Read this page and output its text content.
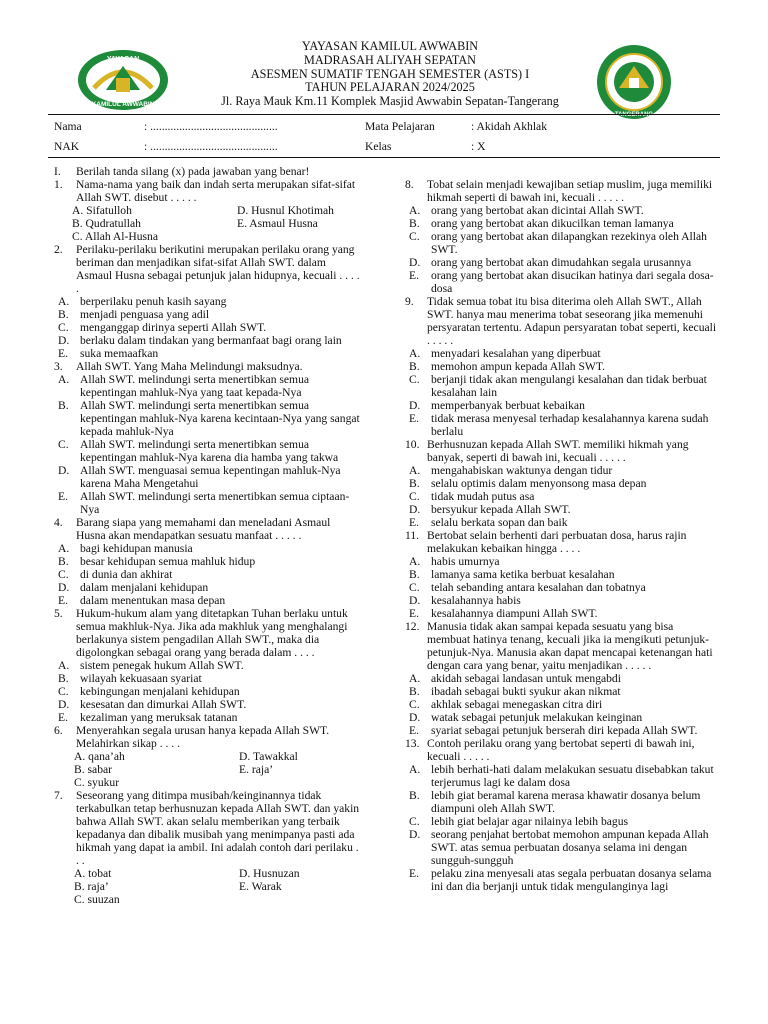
YAYASAN
KAMILUL AWWABIN
YAYASAN KAMILUL AWWABIN
MADRASAH ALIYAH SEPATAN
ASESMEN SUMATIF TENGAH SEMESTER (ASTS) I
TAHUN PELAJARAN 2024/2025
Jl. Raya Mauk Km.11 Komplek Masjid Awwabin Sepatan-Tangerang
TANGERANG
Nama	: ............................................	Mata Pelajaran	: Akidah Akhlak
NAK	: ............................................	Kelas	: X
I.	Berilah tanda silang (x) pada jawaban yang benar!
1.	Nama-nama yang baik dan indah serta merupakan sifat-sifat Allah SWT. disebut . . . . .
A. Sifatulloh	D. Husnul Khotimah
B. Qudratullah	E. Asmaul Husna
C. Allah Al-Husna
2.	Perilaku-perilaku berikutini merupakan perilaku orang yang beriman dan menjadikan sifat-sifat Allah SWT. dalam Asmaul Husna sebagai petunjuk jalan hidupnya, kecuali . . . . .
A. berperilaku penuh kasih sayang
B. menjadi penguasa yang adil
C. menganggap dirinya seperti Allah SWT.
D. berlaku dalam tindakan yang bermanfaat bagi orang lain
E.	suka memaafkan
3.	Allah SWT. Yang Maha Melindungi maksudnya.
A. Allah SWT. melindungi serta menertibkan semua kepentingan mahluk-Nya yang taat kepada-Nya
B. Allah SWT. melindungi serta menertibkan semua kepentingan mahluk-Nya karena kecintaan-Nya yang sangat kepada mahluk-Nya
C. Allah SWT. melindungi serta menertibkan semua kepentingan mahluk-Nya karena dia hamba yang takwa
D. Allah SWT. menguasai semua kepentingan mahluk-Nya karena Maha Mengetahui
E.	Allah SWT. melindungi serta menertibkan semua ciptaan-Nya
4.	Barang siapa yang memahami dan meneladani Asmaul Husna akan mendapatkan sesuatu manfaat . . . . .
A. bagi kehidupan manusia
B. besar kehidupan semua mahluk hidup
C. di dunia dan akhirat
D. dalam menjalani kehidupan
E.	dalam menentukan masa depan
5.	Hukum-hukum alam yang ditetapkan Tuhan berlaku untuk semua makhluk-Nya. Jika ada makhluk yang menghalangi berlakunya sistem pengadilan Allah SWT., maka dia digolongkan sebagai orang yang berada dalam . . . .
A. sistem penegak hukum Allah SWT.
B. wilayah kekuasaan syariat
C. kebingungan menjalani kehidupan
D. kesesatan dan dimurkai Allah SWT.
E.	kezaliman yang meruksak tatanan
6.	Menyerahkan segala urusan hanya kepada Allah SWT. Melahirkan sikap . . . .
A. qana’ah	D. Tawakkal
B. sabar	E. raja’
C. syukur
7.	Seseorang yang ditimpa musibah/keinginannya tidak terkabulkan tetap berhusnuzan kepada Allah SWT. dan yakin bahwa Allah SWT. akan selalu memberikan yang terbaik kepadanya dan dibalik musibah yang menimpanya pasti ada hikmah yang dapat ia ambil. Ini adalah contoh dari perilaku . . .
A. tobat	D. Husnuzan
B. raja’	E. Warak
C. suuzan
8.	Tobat selain menjadi kewajiban setiap muslim, juga memiliki hikmah seperti di bawah ini, kecuali . . . . .
A. orang yang bertobat akan dicintai Allah SWT.
B. orang yang bertobat akan dikucilkan teman lamanya
C. orang yang bertobat akan dilapangkan rezekinya oleh Allah SWT.
D. orang yang bertobat akan dimudahkan segala urusannya
E.	orang yang bertobat akan disucikan hatinya dari segala dosa-dosa
9.	Tidak semua tobat itu bisa diterima oleh Allah SWT., Allah SWT. hanya mau menerima tobat seseorang jika memenuhi persyaratan tertentu. Adapun persyaratan tobat seperti, kecuali . . . . .
A. menyadari kesalahan yang diperbuat
B. memohon ampun kepada Allah SWT.
C. berjanji tidak akan mengulangi kesalahan dan tidak berbuat kesalahan lain
D. memperbanyak berbuat kebaikan
E.	tidak merasa menyesal terhadap kesalahannya karena sudah berlalu
10. Berhusnuzan kepada Allah SWT. memiliki hikmah yang banyak, seperti di bawah ini, kecuali . . . . .
A. mengahabiskan waktunya dengan tidur
B. selalu optimis dalam menyonsong masa depan
C. tidak mudah putus asa
D. bersyukur kepada Allah SWT.
E.	selalu berkata sopan dan baik
11. Bertobat selain berhenti dari perbuatan dosa, harus rajin melakukan kebaikan hingga . . . .
A. habis umurnya
B. lamanya sama ketika berbuat kesalahan
C. telah sebanding antara kesalahan dan tobatnya
D. kesalahannya habis
E.	kesalahannya diampuni Allah SWT.
12. Manusia tidak akan sampai kepada sesuatu yang bisa membuat hatinya tenang, kecuali jika ia mengikuti petunjuk-petunjuk-Nya. Manusia akan dapat mencapai ketenangan hati dengan cara yang benar, yaitu menjadikan . . . . .
A. akidah sebagai landasan untuk mengabdi
B. ibadah sebagai bukti syukur akan nikmat
C. akhlak sebagai menegaskan citra diri
D. watak sebagai petunjuk melakukan keinginan
E.	syariat sebagai petunjuk berserah diri kepada Allah SWT.
13. Contoh perilaku orang yang bertobat seperti di bawah ini, kecuali . . . . .
A. lebih berhati-hati dalam melakukan sesuatu disebabkan takut terjerumus lagi ke dalam dosa
B. lebih giat beramal karena merasa khawatir dosanya belum diampuni oleh Allah SWT.
C. lebih giat belajar agar nilainya lebih bagus
D. seorang penjahat bertobat memohon ampunan kepada Allah SWT. atas semua perbuatan dosanya selama ini dengan sungguh-sungguh
E.	pelaku zina menyesali atas segala perbuatan dosanya selama ini dan dia berjanji untuk tidak mengulanginya lagi
